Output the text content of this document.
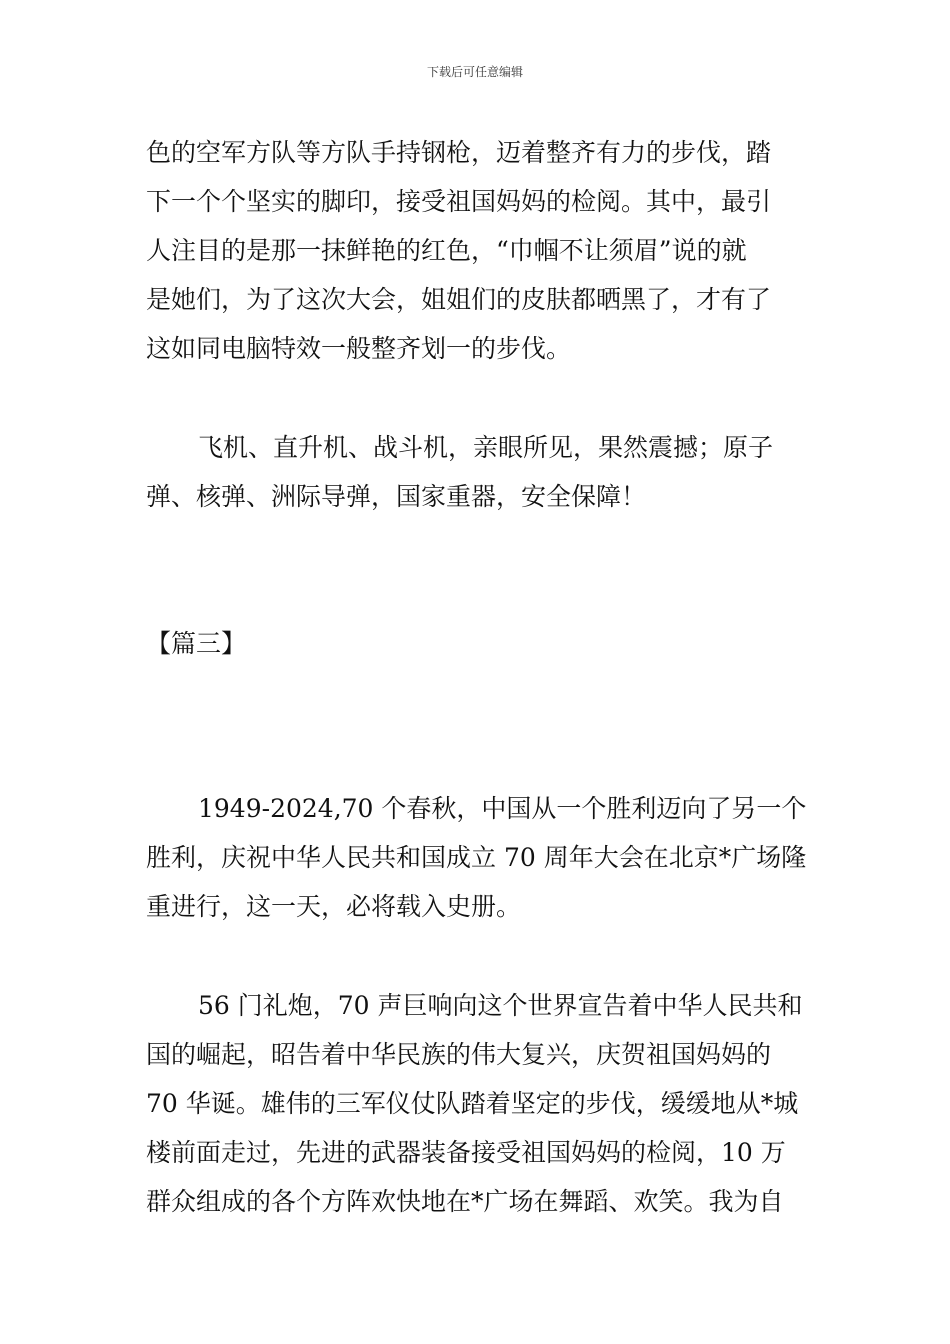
下载后可任意编辑
色的空军方队等方队手持钢枪，迈着整齐有力的步伐，踏
下一个个坚实的脚印，接受祖国妈妈的检阅。其中，最引
人注目的是那一抹鲜艳的红色，“巾帼不让须眉”说的就
是她们，为了这次大会，姐姐们的皮肤都晒黑了，才有了
这如同电脑特效一般整齐划一的步伐。
飞机、直升机、战斗机，亲眼所见，果然震撼；原子
弹、核弹、洲际导弹，国家重器，安全保障！
【篇三】
1949-2024,70 个春秋，中国从一个胜利迈向了另一个
胜利，庆祝中华人民共和国成立 70 周年大会在北京*广场隆
重进行，这一天，必将载入史册。
56 门礼炮，70 声巨响向这个世界宣告着中华人民共和
国的崛起，昭告着中华民族的伟大复兴，庆贺祖国妈妈的
70 华诞。雄伟的三军仪仗队踏着坚定的步伐，缓缓地从*城
楼前面走过，先进的武器装备接受祖国妈妈的检阅，10 万
群众组成的各个方阵欢快地在*广场在舞蹈、欢笑。我为自
